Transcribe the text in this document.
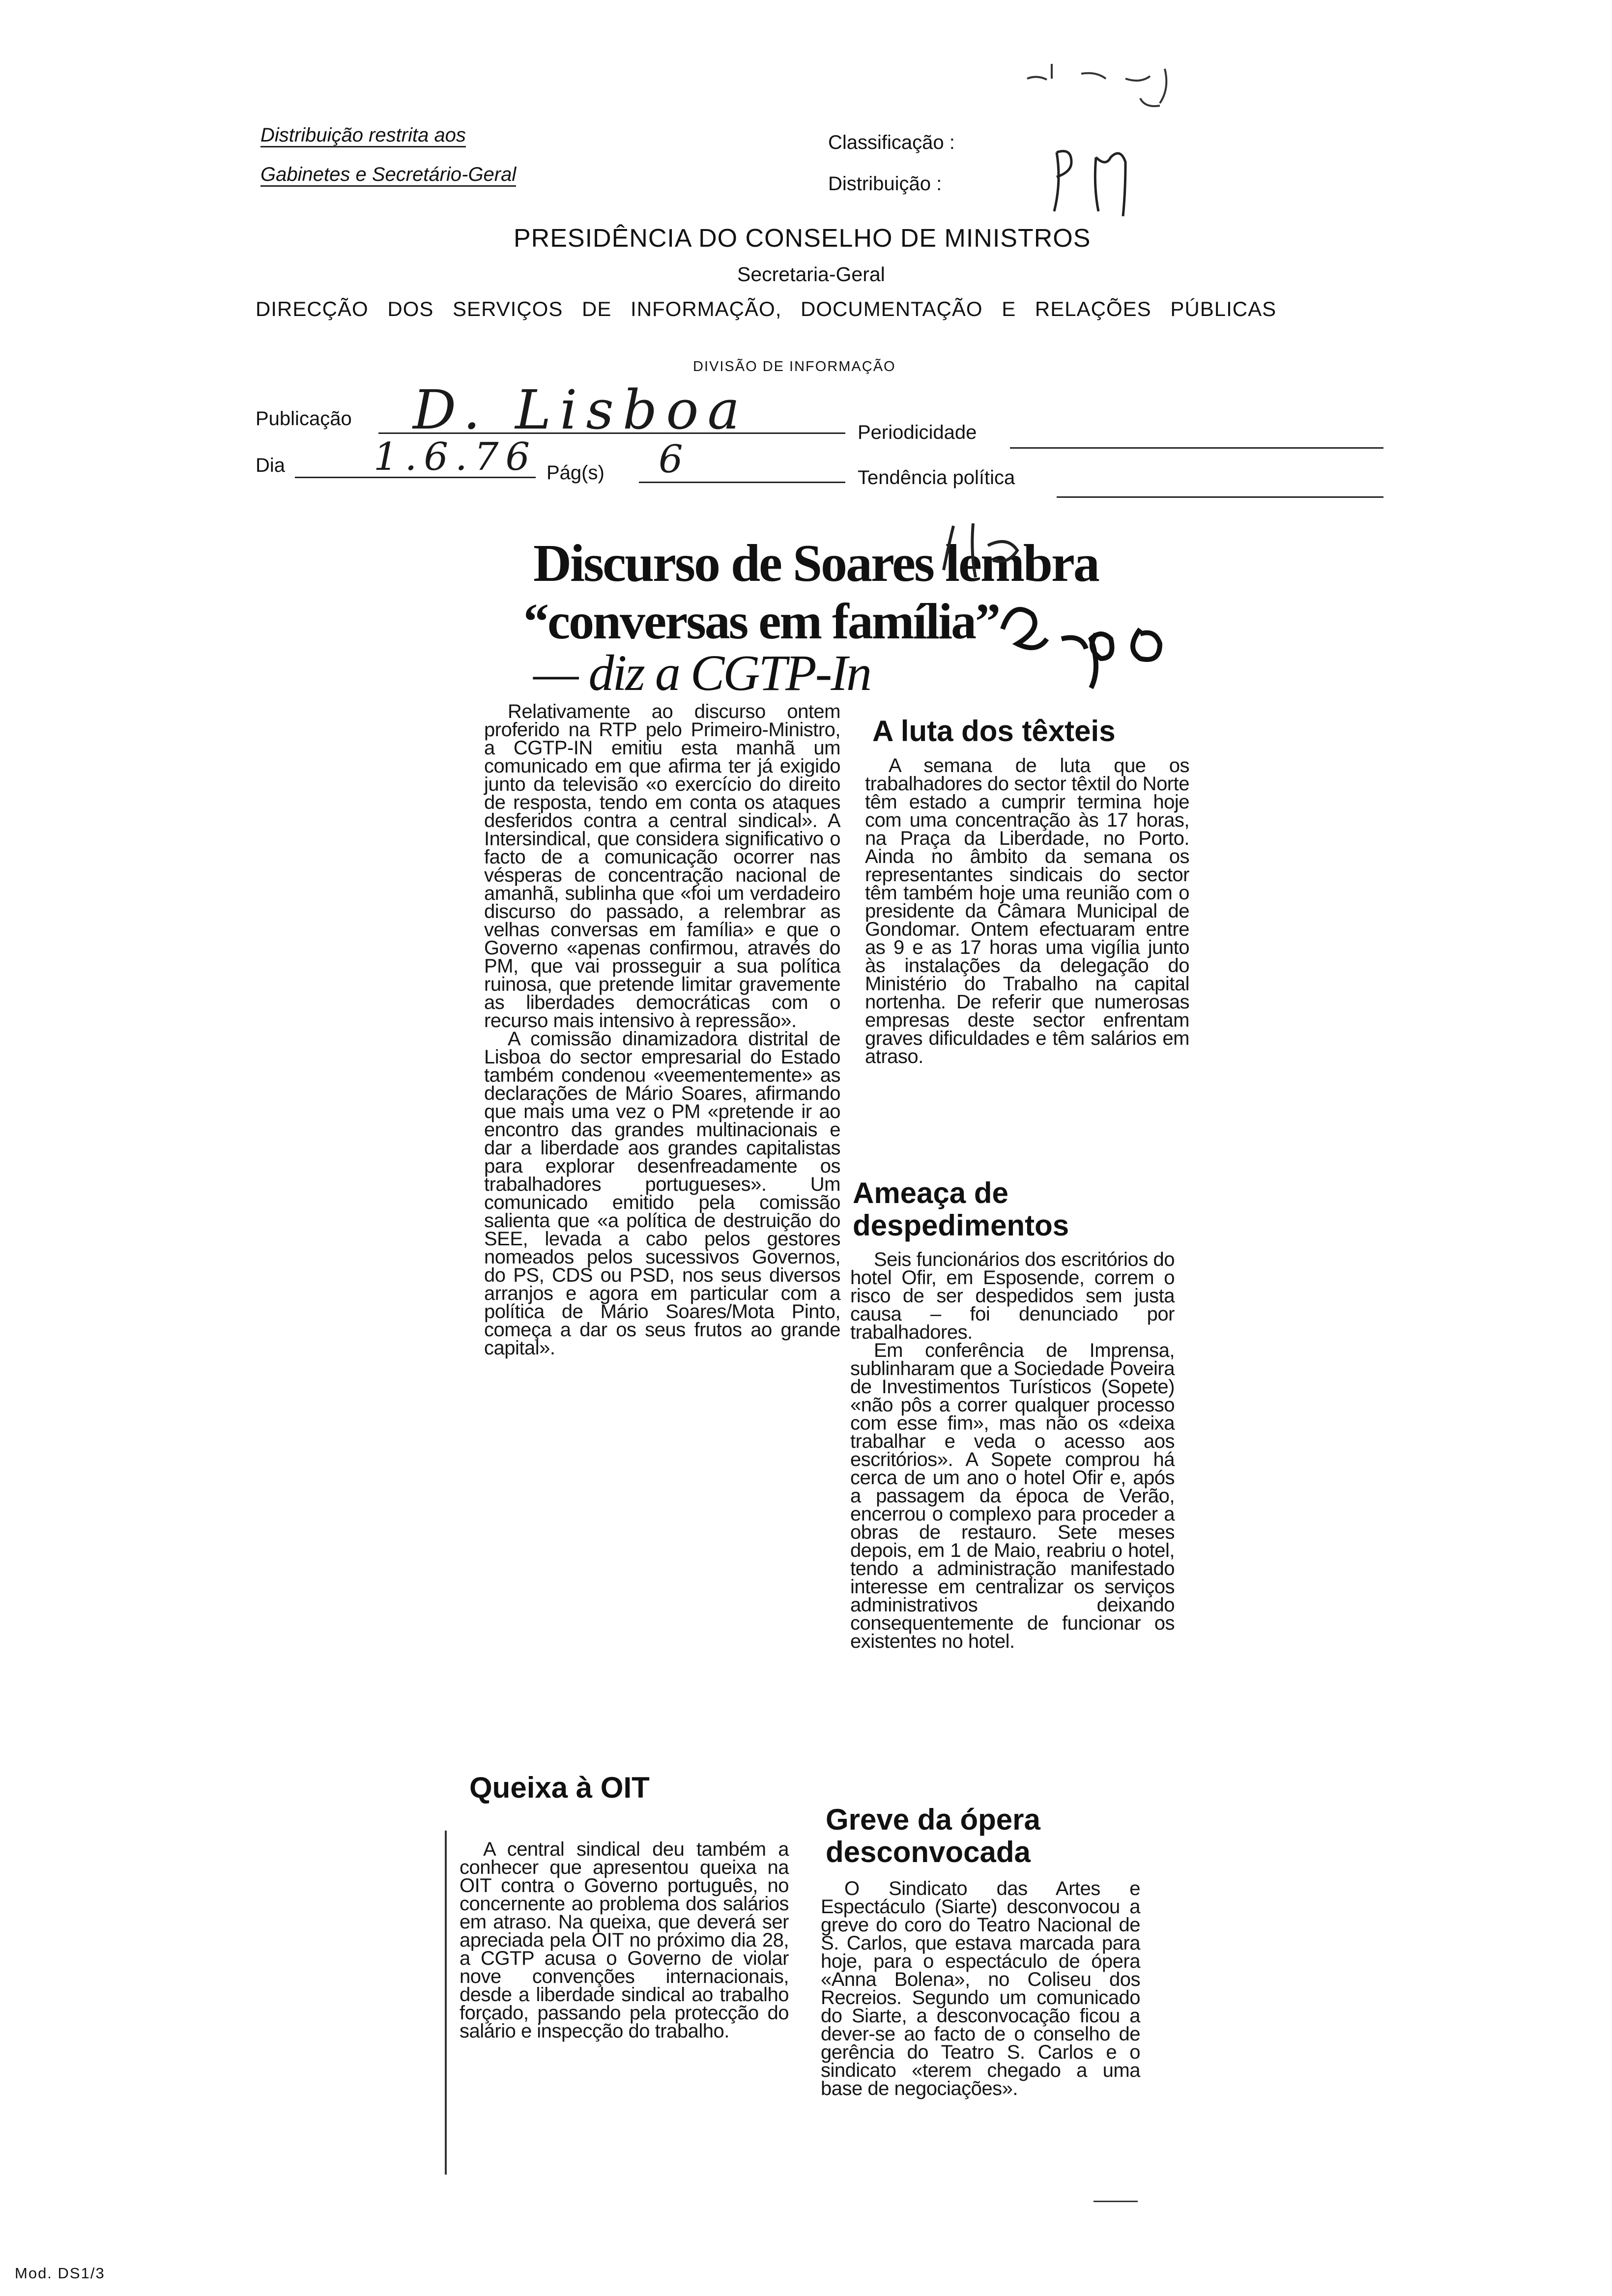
Distribuição restrita aos
Gabinetes e Secretário-Geral
Classificação :
Distribuição :
PRESIDÊNCIA DO CONSELHO DE MINISTROS
Secretaria-Geral
DIRECÇÃO DOS SERVIÇOS DE INFORMAÇÃO, DOCUMENTAÇÃO E RELAÇÕES PÚBLICAS
DIVISÃO DE INFORMAÇÃO
Publicação D. Lisboa	Periodicidade
Dia 1.6.76 Pág(s) 6	Tendência política
Discurso de Soares lembra
“conversas em família”
— diz a CGTP-In

Relativamente ao discurso ontem proferido na RTP pelo Primeiro-Ministro, a CGTP-IN emitiu esta manhã um comunicado em que afirma ter já exigido junto da televisão «o exercício do direito de resposta, tendo em conta os ataques desferidos contra a central sindical». A Intersindical, que considera significativo o facto de a comunicação ocorrer nas vésperas de concentração nacional de amanhã, sublinha que «foi um verdadeiro discurso do passado, a relembrar as velhas conversas em família» e que o Governo «apenas confirmou, através do PM, que vai prosseguir a sua política ruinosa, que pretende limitar gravemente as liberdades democráticas com o recurso mais intensivo à repressão».

A comissão dinamizadora distrital de Lisboa do sector empresarial do Estado também condenou «veementemente» as declarações de Mário Soares, afirmando que mais uma vez o PM «pretende ir ao encontro das grandes multinacionais e dar a liberdade aos grandes capitalistas para explorar desenfreadamente os trabalhadores portugueses». Um comunicado emitido pela comissão salienta que «a política de destruição do SEE, levada a cabo pelos gestores nomeados pelos sucessivos Governos, do PS, CDS ou PSD, nos seus diversos arranjos e agora em particular com a política de Mário Soares/Mota Pinto, começa a dar os seus frutos ao grande capital».

Queixa à OIT

A central sindical deu também a conhecer que apresentou queixa na OIT contra o Governo português, no concernente ao problema dos salários em atraso. Na queixa, que deverá ser apreciada pela OIT no próximo dia 28, a CGTP acusa o Governo de violar nove convenções internacionais, desde a liberdade sindical ao trabalho forçado, passando pela protecção do salário e inspecção do trabalho.

A luta dos têxteis

A semana de luta que os trabalhadores do sector têxtil do Norte têm estado a cumprir termina hoje com uma concentração às 17 horas, na Praça da Liberdade, no Porto. Ainda no âmbito da semana os representantes sindicais do sector têm também hoje uma reunião com o presidente da Câmara Municipal de Gondomar. Ontem efectuaram entre as 9 e as 17 horas uma vigília junto às instalações da delegação do Ministério do Trabalho na capital nortenha. De referir que numerosas empresas deste sector enfrentam graves dificuldades e têm salários em atraso.

Ameaça de despedimentos

Seis funcionários dos escritórios do hotel Ofir, em Esposende, correm o risco de ser despedidos sem justa causa – foi denunciado por trabalhadores.

Em conferência de Imprensa, sublinharam que a Sociedade Poveira de Investimentos Turísticos (Sopete) «não pôs a correr qualquer processo com esse fim», mas não os «deixa trabalhar e veda o acesso aos escritórios». A Sopete comprou há cerca de um ano o hotel Ofir e, após a passagem da época de Verão, encerrou o complexo para proceder a obras de restauro. Sete meses depois, em 1 de Maio, reabriu o hotel, tendo a administração manifestado interesse em centralizar os serviços administrativos deixando consequentemente de funcionar os existentes no hotel.

Greve da ópera desconvocada

O Sindicato das Artes e Espectáculo (Siarte) desconvocou a greve do coro do Teatro Nacional de S. Carlos, que estava marcada para hoje, para o espectáculo de ópera «Anna Bolena», no Coliseu dos Recreios. Segundo um comunicado do Siarte, a desconvocação ficou a dever-se ao facto de o conselho de gerência do Teatro S. Carlos e o sindicato «terem chegado a uma base de negociações».

Mod. DS1/3
